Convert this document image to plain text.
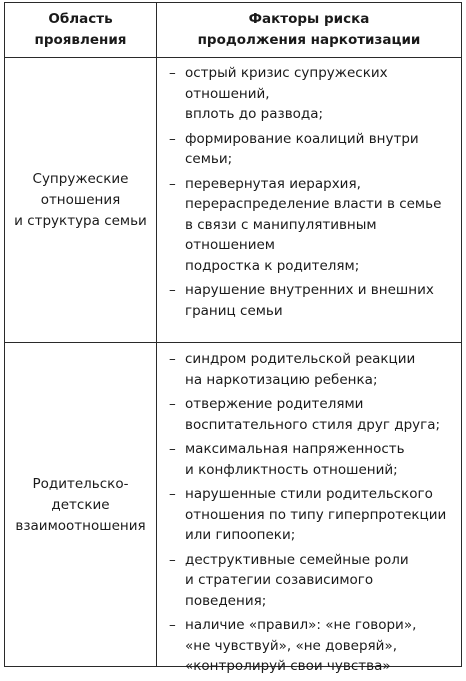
Область
проявления
Факторы риска
продолжения наркотизации
Супружеские
отношения
и структура семьи
– острый кризис супружеских отношений,
вплоть до развода;
– формирование коалиций внутри семьи;
– перевернутая иерархия,
перераспределение власти в семье
в связи с манипулятивным отношением
подростка к родителям;
– нарушение внутренних и внешних
границ семьи
Родительско-
детские
взаимоотношения
– синдром родительской реакции
на наркотизацию ребенка;
– отвержение родителями
воспитательного стиля друг друга;
– максимальная напряженность
и конфликтность отношений;
– нарушенные стили родительского
отношения по типу гиперпротекции
или гипоопеки;
– деструктивные семейные роли
и стратегии созависимого поведения;
– наличие «правил»: «не говори»,
«не чувствуй», «не доверяй»,
«контролируй свои чувства»
